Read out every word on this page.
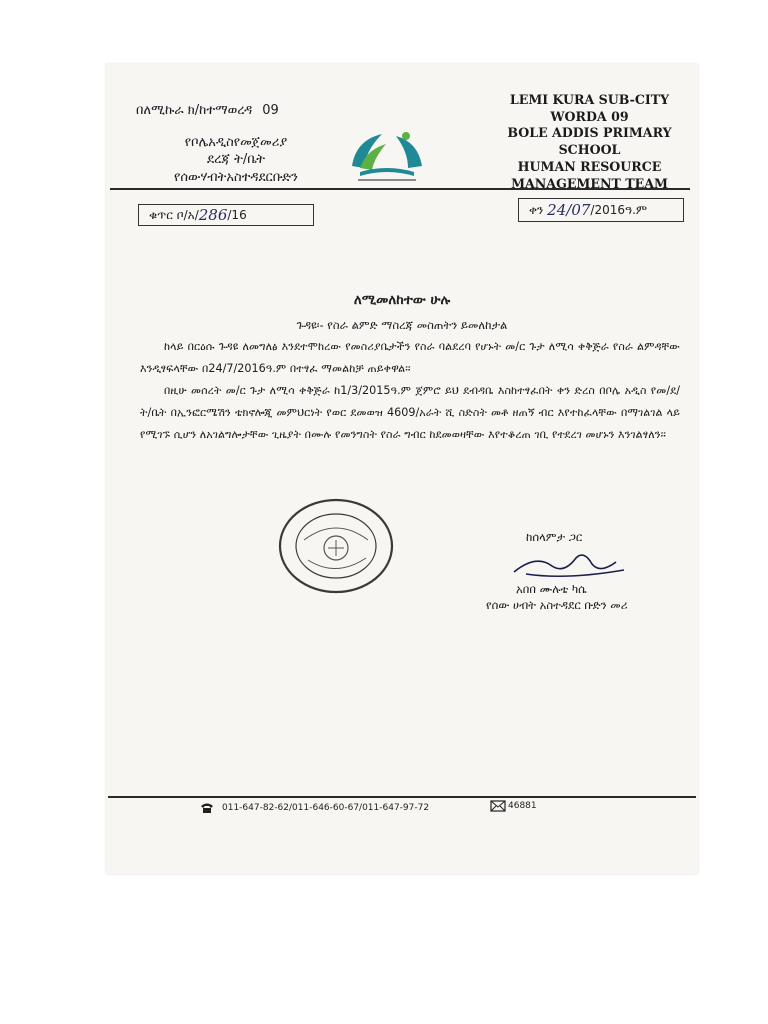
በለሚኩራ ክ/ከተማወረዳ 09
የቦሌአዲስየመጀመሪያ
ደረጃ ት/ቤት
የሰውሃብትአስተዳደርቡድን
LEMI KURA SUB-CITY
WORDA 09
BOLE ADDIS PRIMARY
SCHOOL
HUMAN RESOURCE
MANAGEMENT TEAM
ቁጥር ቦ/አ/ 286 /16	ቀን
24/07 /2016ዓ.ም
ለሚመለከተው ሁሉ
ጉዳዩ፡- የስራ ልምድ ማስረጃ መስጠትን ይመለከታል

ከላይ በርዕሱ ጉዳዩ ለመግለፅ እንደተሞከረው የመስሪያቤታችን የስራ ባልደረባ የሆኑት መ/ር ጉታ ለሚሳ ቀቅጅራ የስራ ልምዳቸው እንዲፃፍላቸው በ24/7/2016ዓ.ም በተፃፈ ማመልከቻ ጠይቀዋል፡፡

በዚሁ መሰረት መ/ር ጉታ ለሚሳ ቀቅጅራ ከ1/3/2015ዓ.ም ጀምሮ ይህ ደብዳቤ እስከተፃፈበት ቀን ድረስ በቦሌ አዲስ የመ/ደ/ት/ቤት በኢንፎርሜሽን ቴክኖሎጂ መምህርነት የወር ደመወዝ 4609/አራት ሺ ስድስት መቶ ዘጠኝ ብር እየተከፈላቸው በማገልገል ላይ የሚገኙ ሲሆን ለአገልግሎታቸው ጊዜያት በሙሉ የመንግስት የስራ ግብር ከደመወዛቸው እየተቆረጠ ገቢ የተደረገ መሆኑን እንገልፃለን፡፡

ከሰላምታ ጋር
አበበ ሙሉቴ ካሴ
የሰው ሀብት አስተዳደር ቡድን መሪ
011-647-82-62/011-646-60-67/011-647-97-72	46881
